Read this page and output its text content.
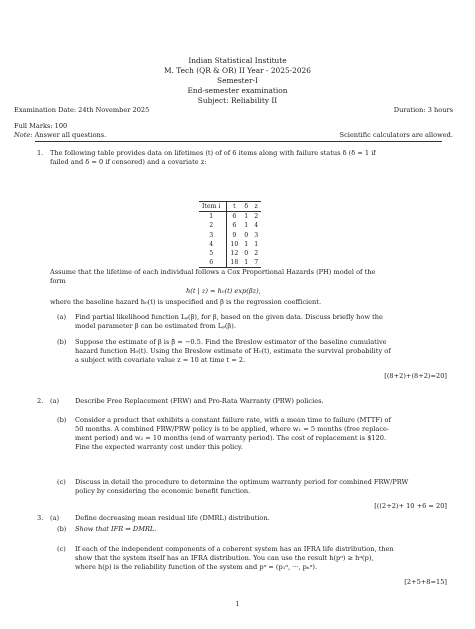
Indian Statistical Institute
M. Tech (QR & OR) II Year - 2025-2026
Semester-I
End-semester examination
Subject: Reliability II
Examination Date: 24th November 2025	Duration: 3 hours
Full Marks: 100
Note: Answer all questions.	Scientific calculators are allowed.
1. The following table provides data on lifetimes (t) of of 6 items along with failure status δ (δ = 1 if
failed and δ = 0 if censored) and a covariate z:
Item i	t	δ	z
1	6	1	2
2	6	1	4
3	9	0	3
4	10	1	1
5	12	0	2
6	18	1	7
Assume that the lifetime of each individual follows a Cox Proportional Hazards (PH) model of the
form
h(t | z) = h₀(t) exp(βz),
where the baseline hazard h₀(t) is unspecified and β is the regression coefficient.
(a) Find partial likelihood function Lₚ(β), for β, based on the given data. Discuss briefly how the
model parameter β can be estimated from Lₚ(β).
(b) Suppose the estimate of β is β̂ = −0.5. Find the Breslow estimator of the baseline cumulative
hazard function H₀(t). Using the Breslow estimate of H₀(t), estimate the survival probability of
a subject with covariate value z = 10 at time t = 2.
[(8+2)+(8+2)=20]
2. (a) Describe Free Replacement (FRW) and Pro-Rata Warranty (PRW) policies.
(b) Consider a product that exhibits a constant failure rate, with a mean time to failure (MTTF) of
50 months. A combined FRW/PRW policy is to be applied, where w₁ = 5 months (free replace-
ment period) and w₂ = 10 months (end of warranty period). The cost of replacement is $120.
Fine the expected warranty cost under this policy.
(c) Discuss in detail the procedure to determine the optimum warranty period for combined FRW/PRW
policy by considering the economic benefit function.
[((2+2)+ 10 +6 = 20]
3. (a) Define decreasing mean residual life (DMRL) distribution.
(b) Show that IFR ⇒ DMRL.
(c) If each of the independent components of a coherent system has an IFRA life distribution, then
show that the system itself has an IFRA distribution. You can use the result h(pᵅ) ≥ hᵅ(p),
where h(p) is the reliability function of the system and pᵅ = (p₁ᵅ, ···, pₙᵅ).
[2+5+8=15]
1
